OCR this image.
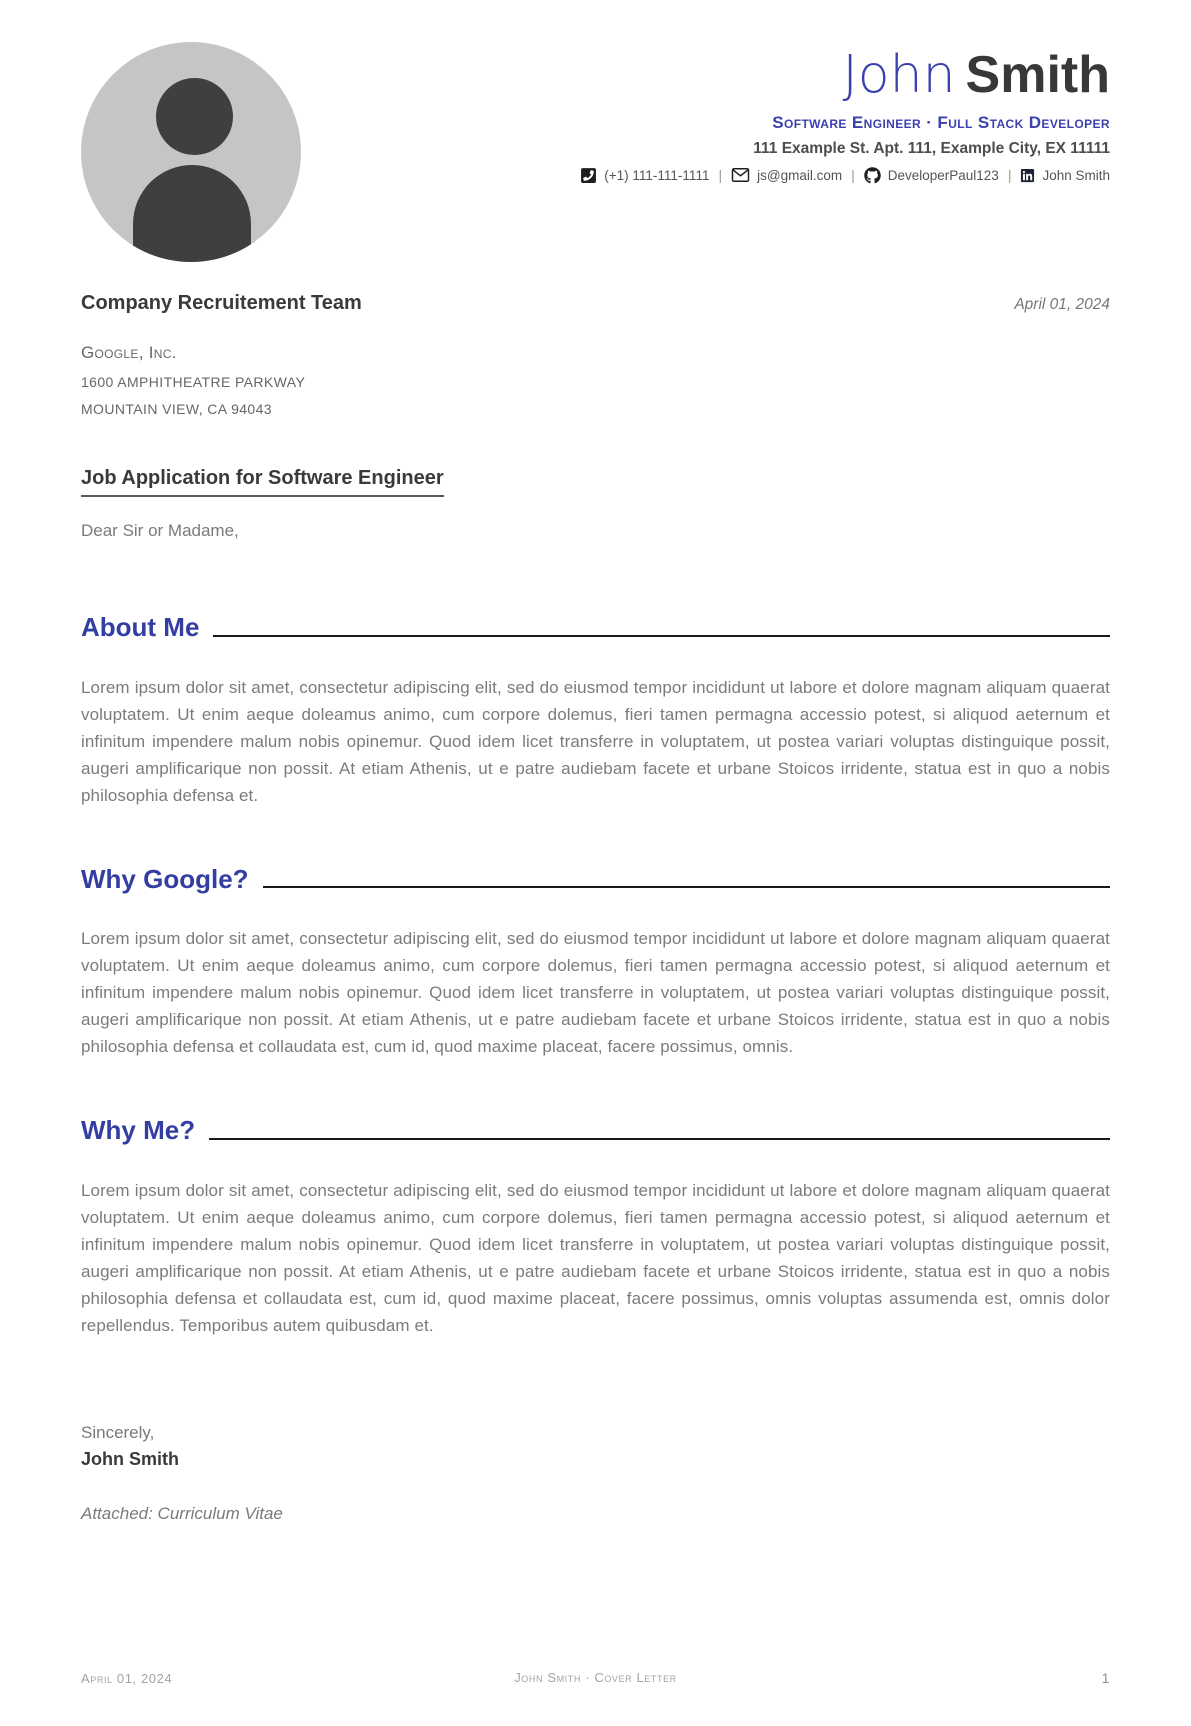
John Smith
Software Engineer · Full Stack Developer
111 Example St. Apt. 111, Example City, EX 11111
(+1) 111-111-1111 |	js@gmail.com | DeveloperPaul123 | John Smith
Company Recruitement Team	April 01, 2024
Google, Inc.
1600 AMPHITHEATRE PARKWAY
MOUNTAIN VIEW, CA 94043
Job Application for Software Engineer
Dear Sir or Madame,
About Me
Lorem ipsum dolor sit amet, consectetur adipiscing elit, sed do eiusmod tempor incididunt ut labore et dolore magnam aliquam quaerat voluptatem. Ut enim aeque doleamus animo, cum corpore dolemus, fieri tamen permagna accessio potest, si aliquod aeternum et infinitum impendere malum nobis opinemur. Quod idem licet transferre in voluptatem, ut postea variari voluptas distinguique possit, augeri amplificarique non possit. At etiam Athenis, ut e patre audiebam facete et urbane Stoicos irridente, statua est in quo a nobis philosophia defensa et.
Why Google?
Lorem ipsum dolor sit amet, consectetur adipiscing elit, sed do eiusmod tempor incididunt ut labore et dolore magnam aliquam quaerat voluptatem. Ut enim aeque doleamus animo, cum corpore dolemus, fieri tamen permagna accessio potest, si aliquod aeternum et infinitum impendere malum nobis opinemur. Quod idem licet transferre in voluptatem, ut postea variari voluptas distinguique possit, augeri amplificarique non possit. At etiam Athenis, ut e patre audiebam facete et urbane Stoicos irridente, statua est in quo a nobis philosophia defensa et collaudata est, cum id, quod maxime placeat, facere possimus, omnis.
Why Me?
Lorem ipsum dolor sit amet, consectetur adipiscing elit, sed do eiusmod tempor incididunt ut labore et dolore magnam aliquam quaerat voluptatem. Ut enim aeque doleamus animo, cum corpore dolemus, fieri tamen permagna accessio potest, si aliquod aeternum et infinitum impendere malum nobis opinemur. Quod idem licet transferre in voluptatem, ut postea variari voluptas distinguique possit, augeri amplificarique non possit. At etiam Athenis, ut e patre audiebam facete et urbane Stoicos irridente, statua est in quo a nobis philosophia defensa et collaudata est, cum id, quod maxime placeat, facere possimus, omnis voluptas assumenda est, omnis dolor repellendus. Temporibus autem quibusdam et.
Sincerely,
John Smith
Attached: Curriculum Vitae
April 01, 2024	John Smith · Cover Letter	1
